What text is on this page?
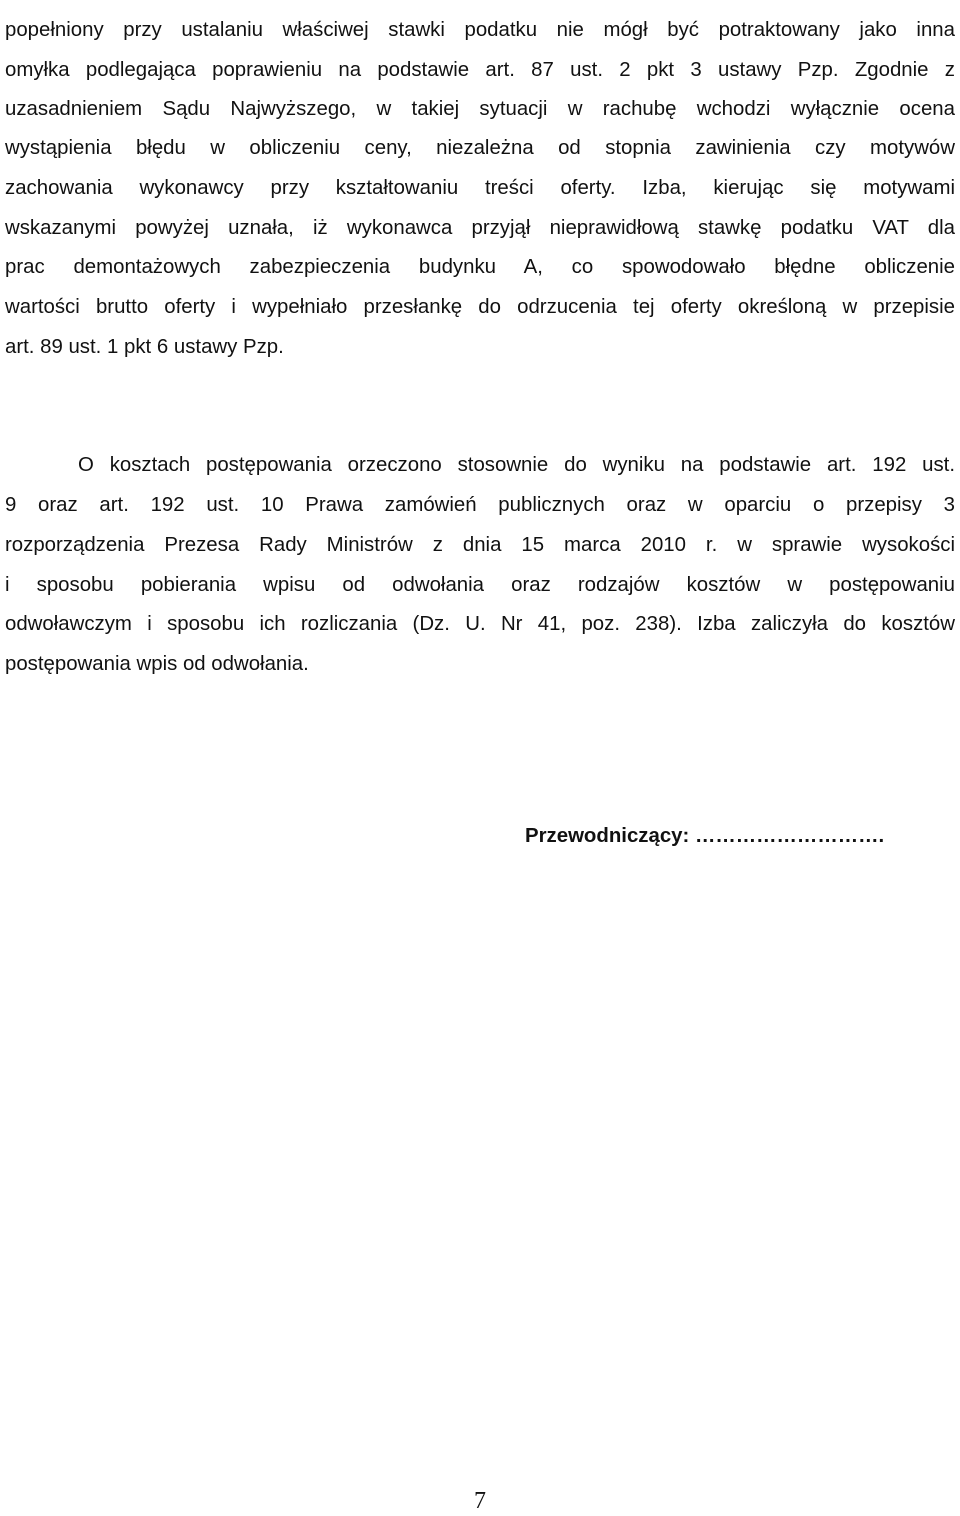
popełniony przy ustalaniu właściwej stawki podatku nie mógł być potraktowany jako inna
omyłka podlegająca poprawieniu na podstawie art. 87 ust. 2 pkt 3 ustawy Pzp. Zgodnie z
uzasadnieniem Sądu Najwyższego, w takiej sytuacji w rachubę wchodzi wyłącznie ocena
wystąpienia błędu w obliczeniu ceny, niezależna od stopnia zawinienia czy motywów
zachowania wykonawcy przy kształtowaniu treści oferty. Izba, kierując się motywami
wskazanymi powyżej uznała, iż wykonawca przyjął nieprawidłową stawkę podatku VAT dla
prac demontażowych zabezpieczenia budynku A, co spowodowało błędne obliczenie
wartości brutto oferty i wypełniało przesłankę do odrzucenia tej oferty określoną w przepisie
art. 89 ust. 1 pkt 6 ustawy Pzp.
O kosztach postępowania orzeczono stosownie do wyniku na podstawie art. 192 ust.
9 oraz art. 192 ust. 10 Prawa zamówień publicznych oraz w oparciu o przepisy 3
rozporządzenia Prezesa Rady Ministrów z dnia 15 marca 2010 r. w sprawie wysokości
i sposobu pobierania wpisu od odwołania oraz rodzajów kosztów w postępowaniu
odwoławczym i sposobu ich rozliczania (Dz. U. Nr 41, poz. 238). Izba zaliczyła do kosztów
postępowania wpis od odwołania.
Przewodniczący: ……………………….
7
